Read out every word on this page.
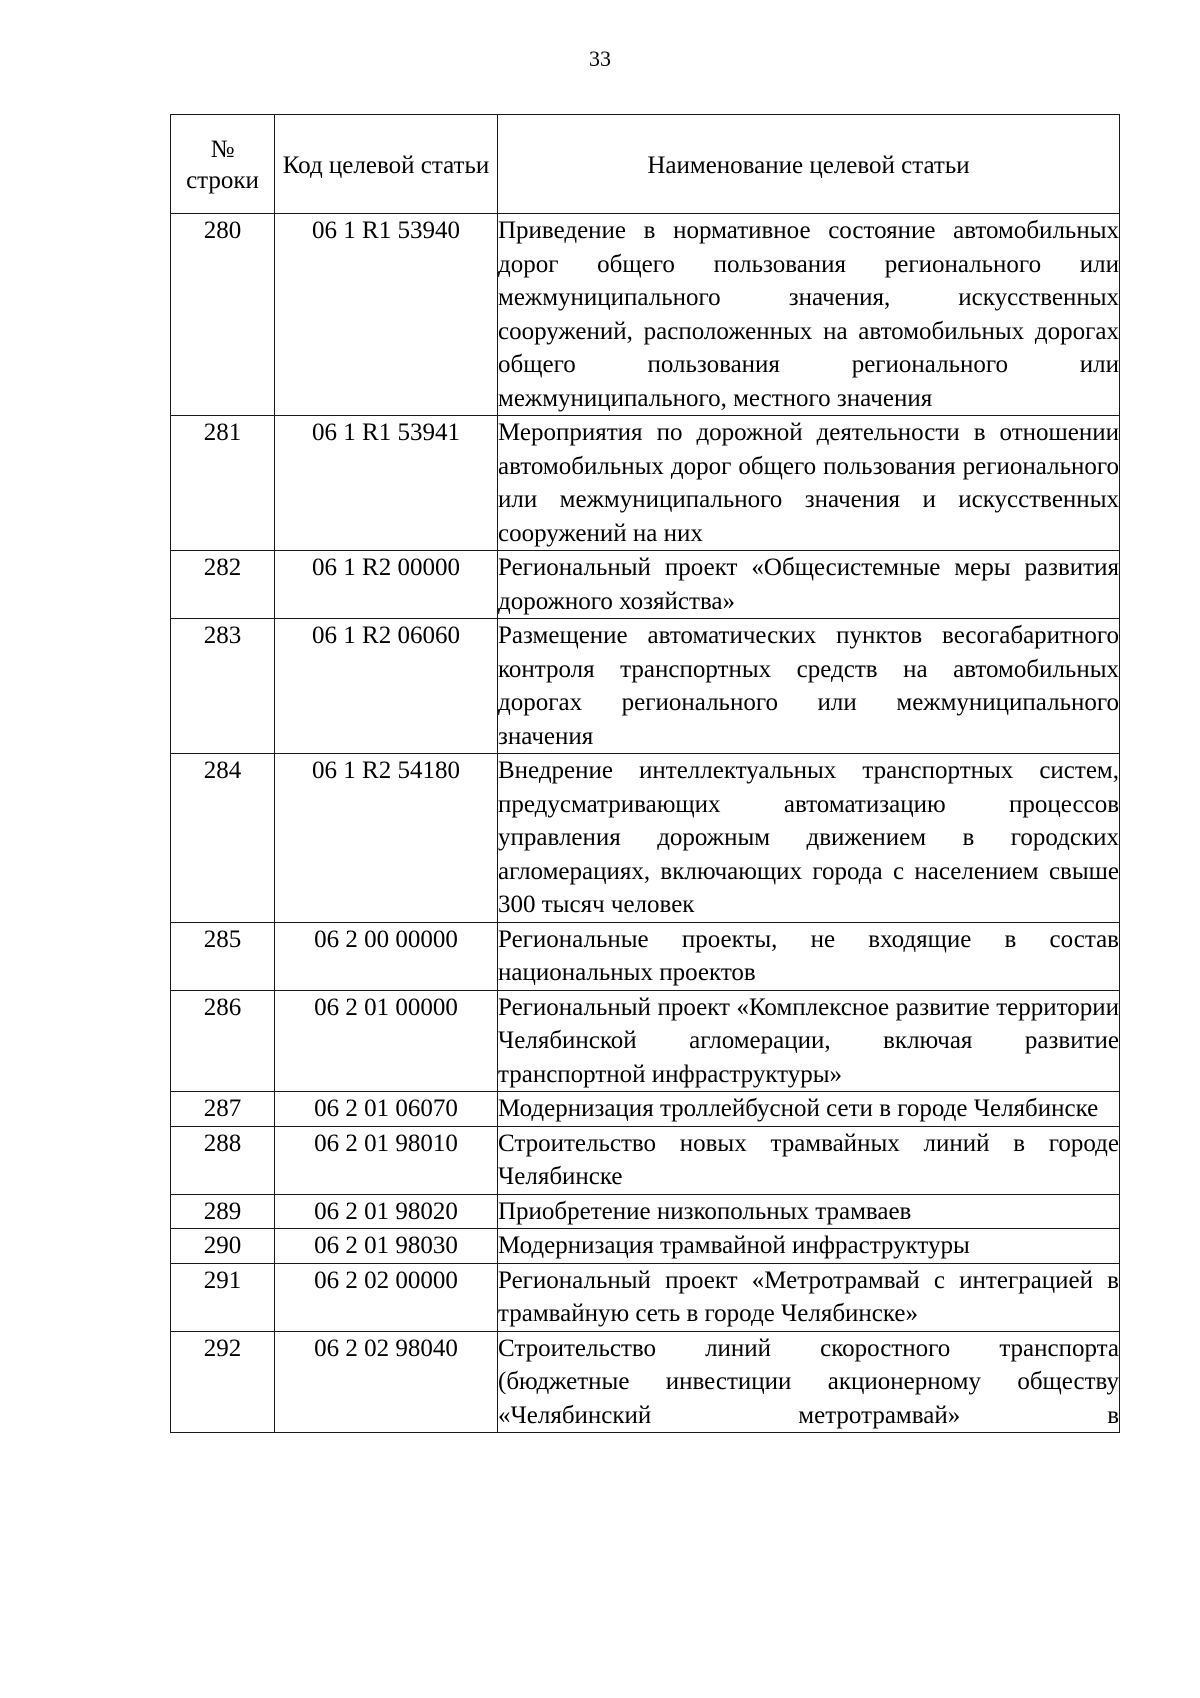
33
№ строки	Код целевой статьи	Наименование целевой статьи
280	06 1 R1 53940	Приведение в нормативное состояние автомобильных дорог общего пользования регионального или межмуниципального значения, искусственных сооружений, расположенных на автомобильных дорогах общего пользования регионального или межмуниципального, местного значения
281	06 1 R1 53941	Мероприятия по дорожной деятельности в отношении автомобильных дорог общего пользования регионального или межмуниципального значения и искусственных сооружений на них
282	06 1 R2 00000	Региональный проект «Общесистемные меры развития дорожного хозяйства»
283	06 1 R2 06060	Размещение автоматических пунктов весогабаритного контроля транспортных средств на автомобильных дорогах регионального или межмуниципального значения
284	06 1 R2 54180	Внедрение интеллектуальных транспортных систем, предусматривающих автоматизацию процессов управления дорожным движением в городских агломерациях, включающих города с населением свыше 300 тысяч человек
285	06 2 00 00000	Региональные проекты, не входящие в состав национальных проектов
286	06 2 01 00000	Региональный проект «Комплексное развитие территории Челябинской агломерации, включая развитие транспортной инфраструктуры»
287	06 2 01 06070	Модернизация троллейбусной сети в городе Челябинске
288	06 2 01 98010	Строительство новых трамвайных линий в городе Челябинске
289	06 2 01 98020	Приобретение низкопольных трамваев
290	06 2 01 98030	Модернизация трамвайной инфраструктуры
291	06 2 02 00000	Региональный проект «Метротрамвай с интеграцией в трамвайную сеть в городе Челябинске»
292	06 2 02 98040	Строительство линий скоростного транспорта (бюджетные инвестиции акционерному обществу «Челябинский метротрамвай» в
